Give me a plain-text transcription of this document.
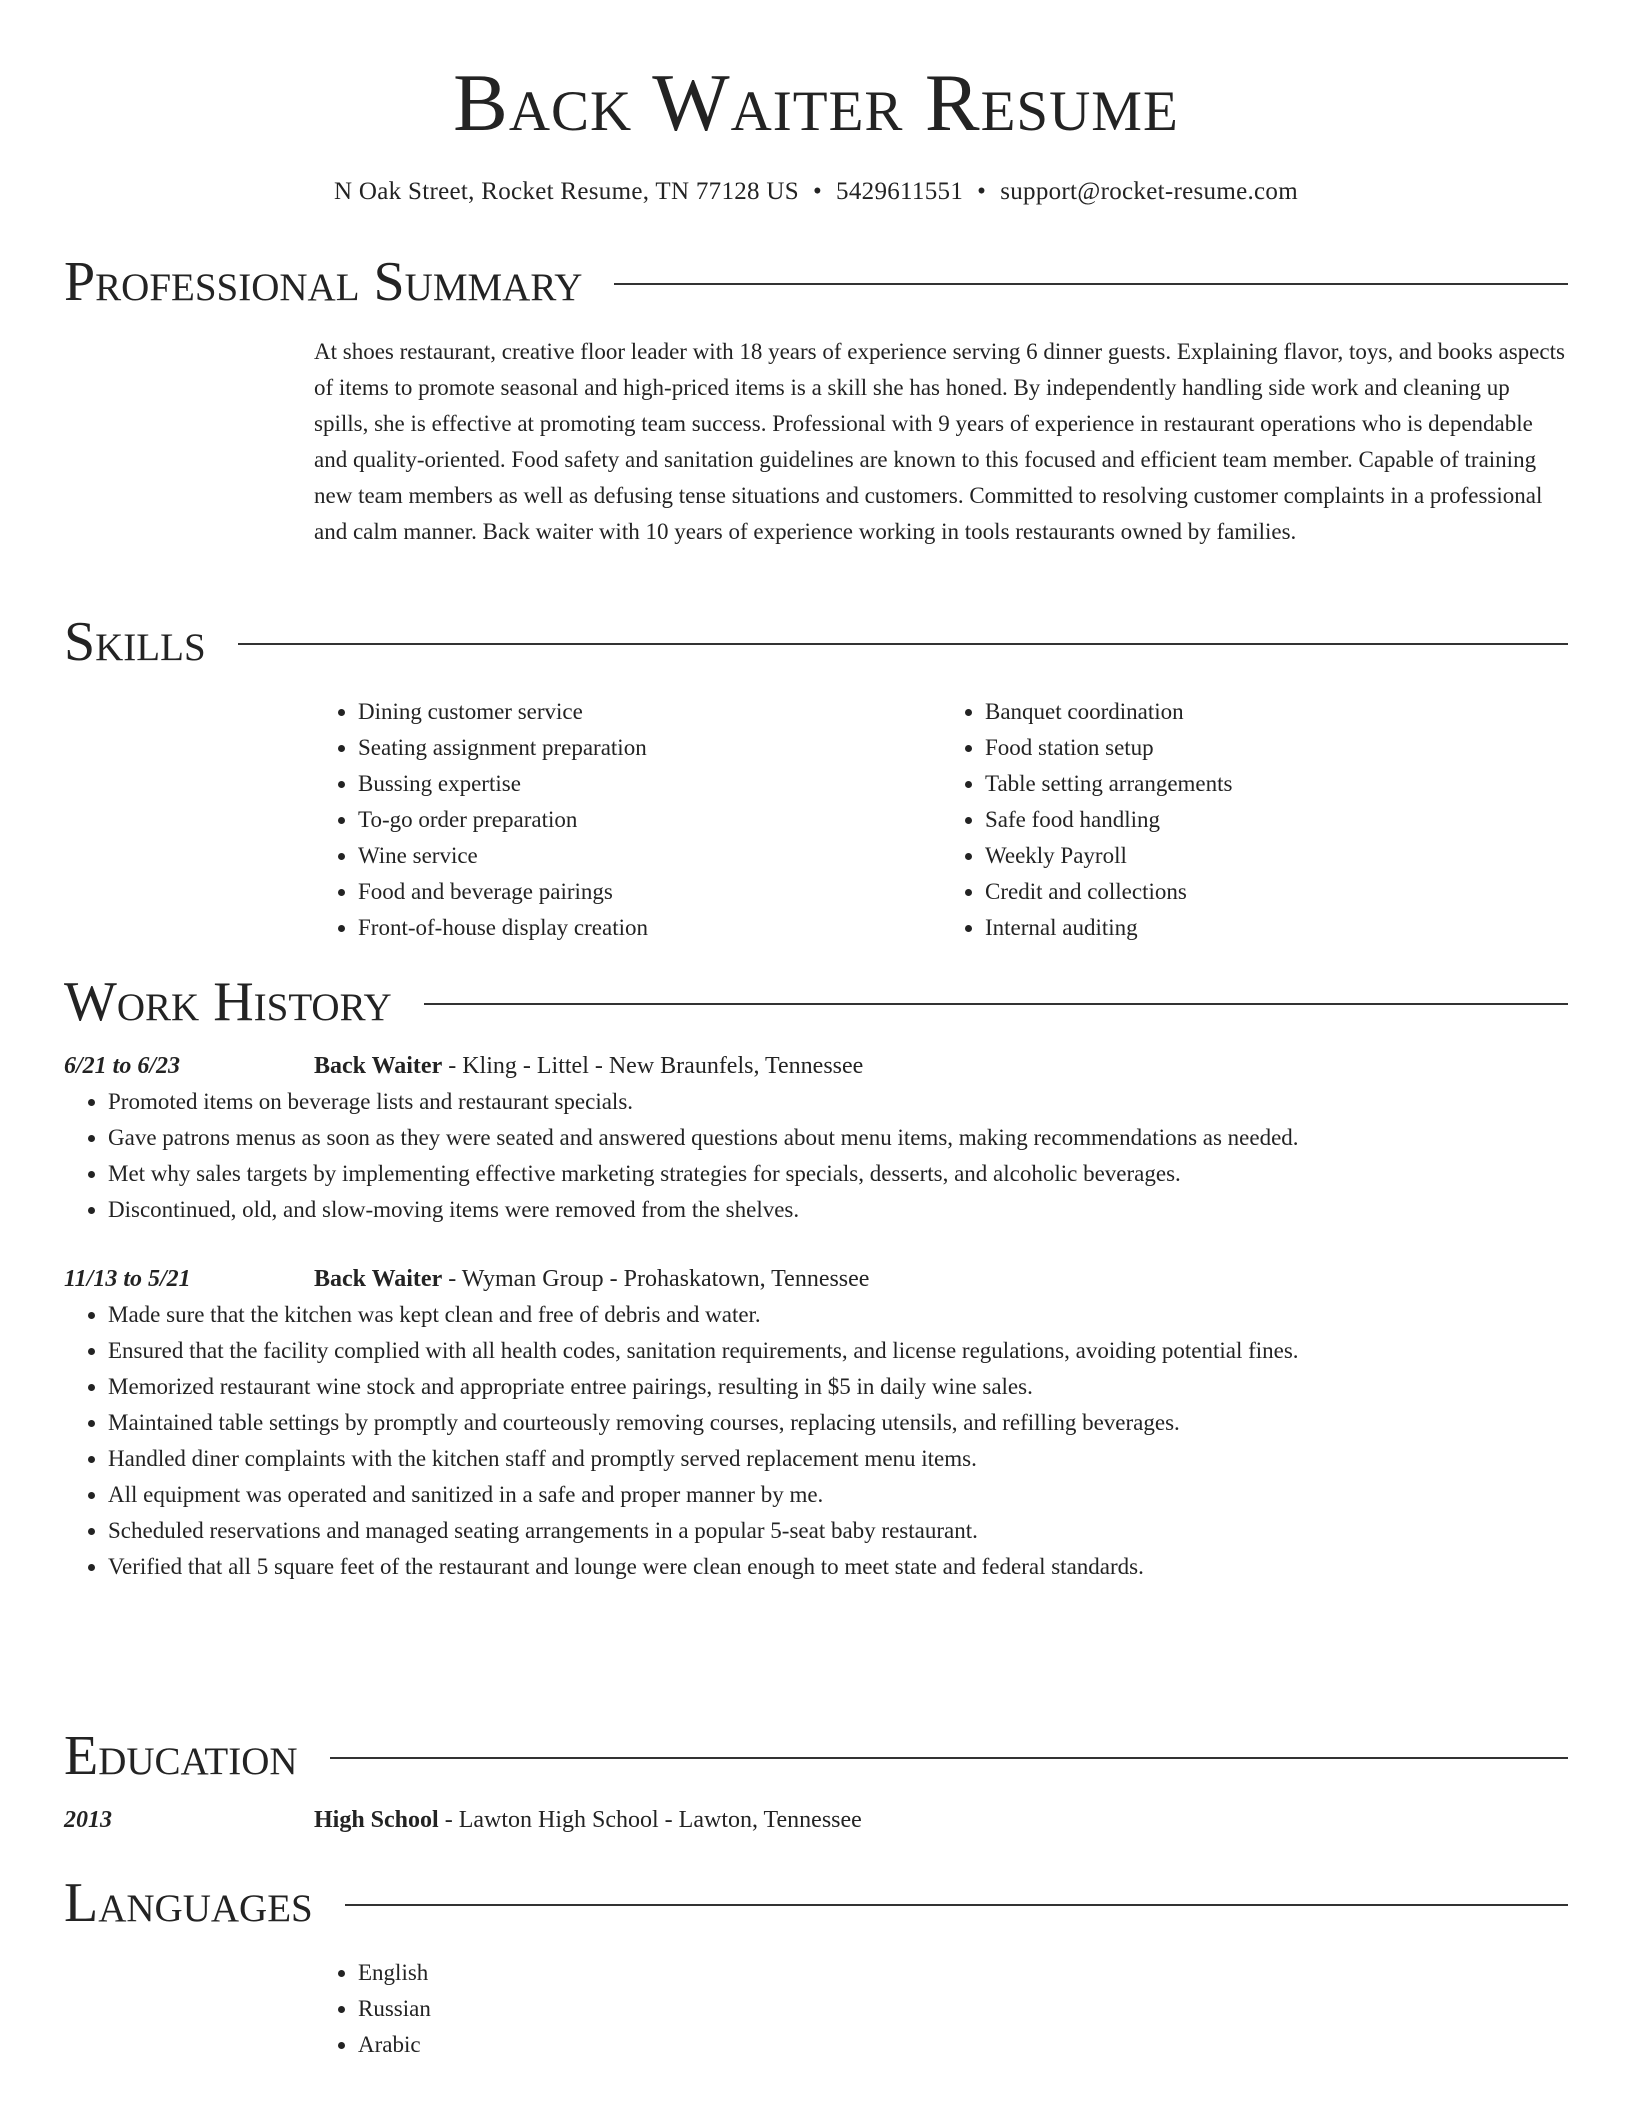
Back Waiter Resume
N Oak Street, Rocket Resume, TN 77128 US • 5429611551 • support@rocket-resume.com
Professional Summary
At shoes restaurant, creative floor leader with 18 years of experience serving 6 dinner guests. Explaining flavor, toys, and books aspects of items to promote seasonal and high-priced items is a skill she has honed. By independently handling side work and cleaning up spills, she is effective at promoting team success. Professional with 9 years of experience in restaurant operations who is dependable and quality-oriented. Food safety and sanitation guidelines are known to this focused and efficient team member. Capable of training new team members as well as defusing tense situations and customers. Committed to resolving customer complaints in a professional and calm manner. Back waiter with 10 years of experience working in tools restaurants owned by families.
Skills
• Dining customer service
• Seating assignment preparation
• Bussing expertise
• To-go order preparation
• Wine service
• Food and beverage pairings
• Front-of-house display creation
• Banquet coordination
• Food station setup
• Table setting arrangements
• Safe food handling
• Weekly Payroll
• Credit and collections
• Internal auditing
Work History
6/21 to 6/23	Back Waiter - Kling - Littel - New Braunfels, Tennessee
• Promoted items on beverage lists and restaurant specials.
• Gave patrons menus as soon as they were seated and answered questions about menu items, making recommendations as needed.
• Met why sales targets by implementing effective marketing strategies for specials, desserts, and alcoholic beverages.
• Discontinued, old, and slow-moving items were removed from the shelves.
11/13 to 5/21	Back Waiter - Wyman Group - Prohaskatown, Tennessee
• Made sure that the kitchen was kept clean and free of debris and water.
• Ensured that the facility complied with all health codes, sanitation requirements, and license regulations, avoiding potential fines.
• Memorized restaurant wine stock and appropriate entree pairings, resulting in $5 in daily wine sales.
• Maintained table settings by promptly and courteously removing courses, replacing utensils, and refilling beverages.
• Handled diner complaints with the kitchen staff and promptly served replacement menu items.
• All equipment was operated and sanitized in a safe and proper manner by me.
• Scheduled reservations and managed seating arrangements in a popular 5-seat baby restaurant.
• Verified that all 5 square feet of the restaurant and lounge were clean enough to meet state and federal standards.
Education
2013	High School - Lawton High School - Lawton, Tennessee
Languages
• English
• Russian
• Arabic
